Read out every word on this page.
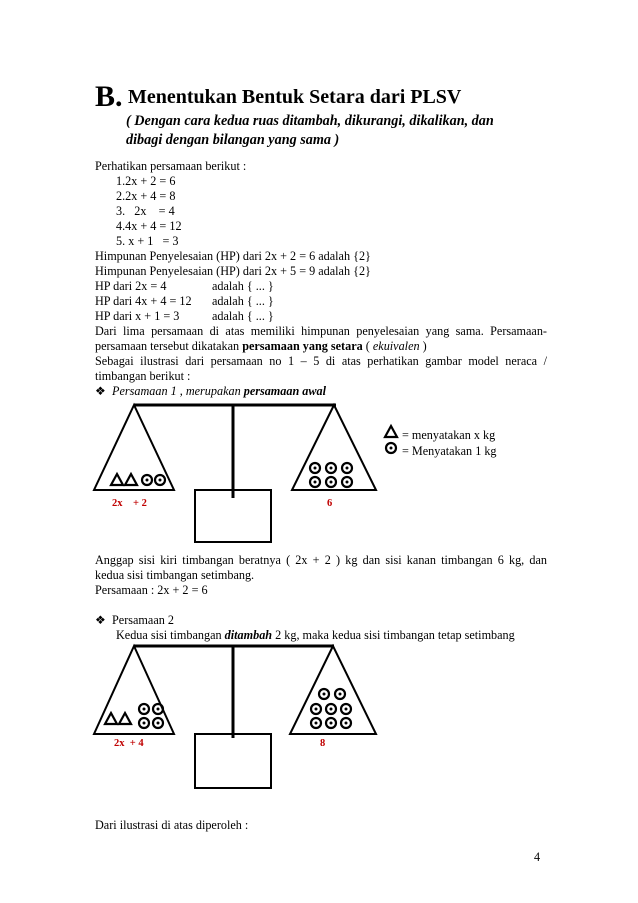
B. Menentukan Bentuk Setara dari PLSV
( Dengan cara kedua ruas ditambah, dikurangi, dikalikan, dan
dibagi dengan bilangan yang sama )
Perhatikan persamaan berikut :
1.2x + 2 = 6
2.2x + 4 = 8
3.   2x    = 4
4.4x + 4 = 12
5. x + 1   = 3
Himpunan Penyelesaian (HP) dari 2x + 2 = 6 adalah {2}
Himpunan Penyelesaian (HP) dari 2x + 5 = 9 adalah {2}
HP dari 2x = 4	adalah { ... }
HP dari 4x + 4 = 12 adalah { ... }
HP dari x + 1 = 3	adalah { ... }
Dari lima persamaan di atas memiliki himpunan penyelesaian yang sama. Persamaan-
persamaan tersebut dikatakan persamaan yang setara ( ekuivalen )
Sebagai ilustrasi dari persamaan no 1 – 5 di atas perhatikan gambar model neraca /
timbangan berikut :
❖ Persamaan 1 , merupakan persamaan awal
= menyatakan x kg
= Menyatakan 1 kg
2x    + 2	6
Anggap sisi kiri timbangan beratnya ( 2x + 2 ) kg dan sisi kanan timbangan 6 kg, dan
kedua sisi timbangan setimbang.
Persamaan : 2x + 2 = 6
❖ Persamaan 2
Kedua sisi timbangan ditambah 2 kg, maka kedua sisi timbangan tetap setimbang
2x  + 4	8
Dari ilustrasi di atas diperoleh :
4
